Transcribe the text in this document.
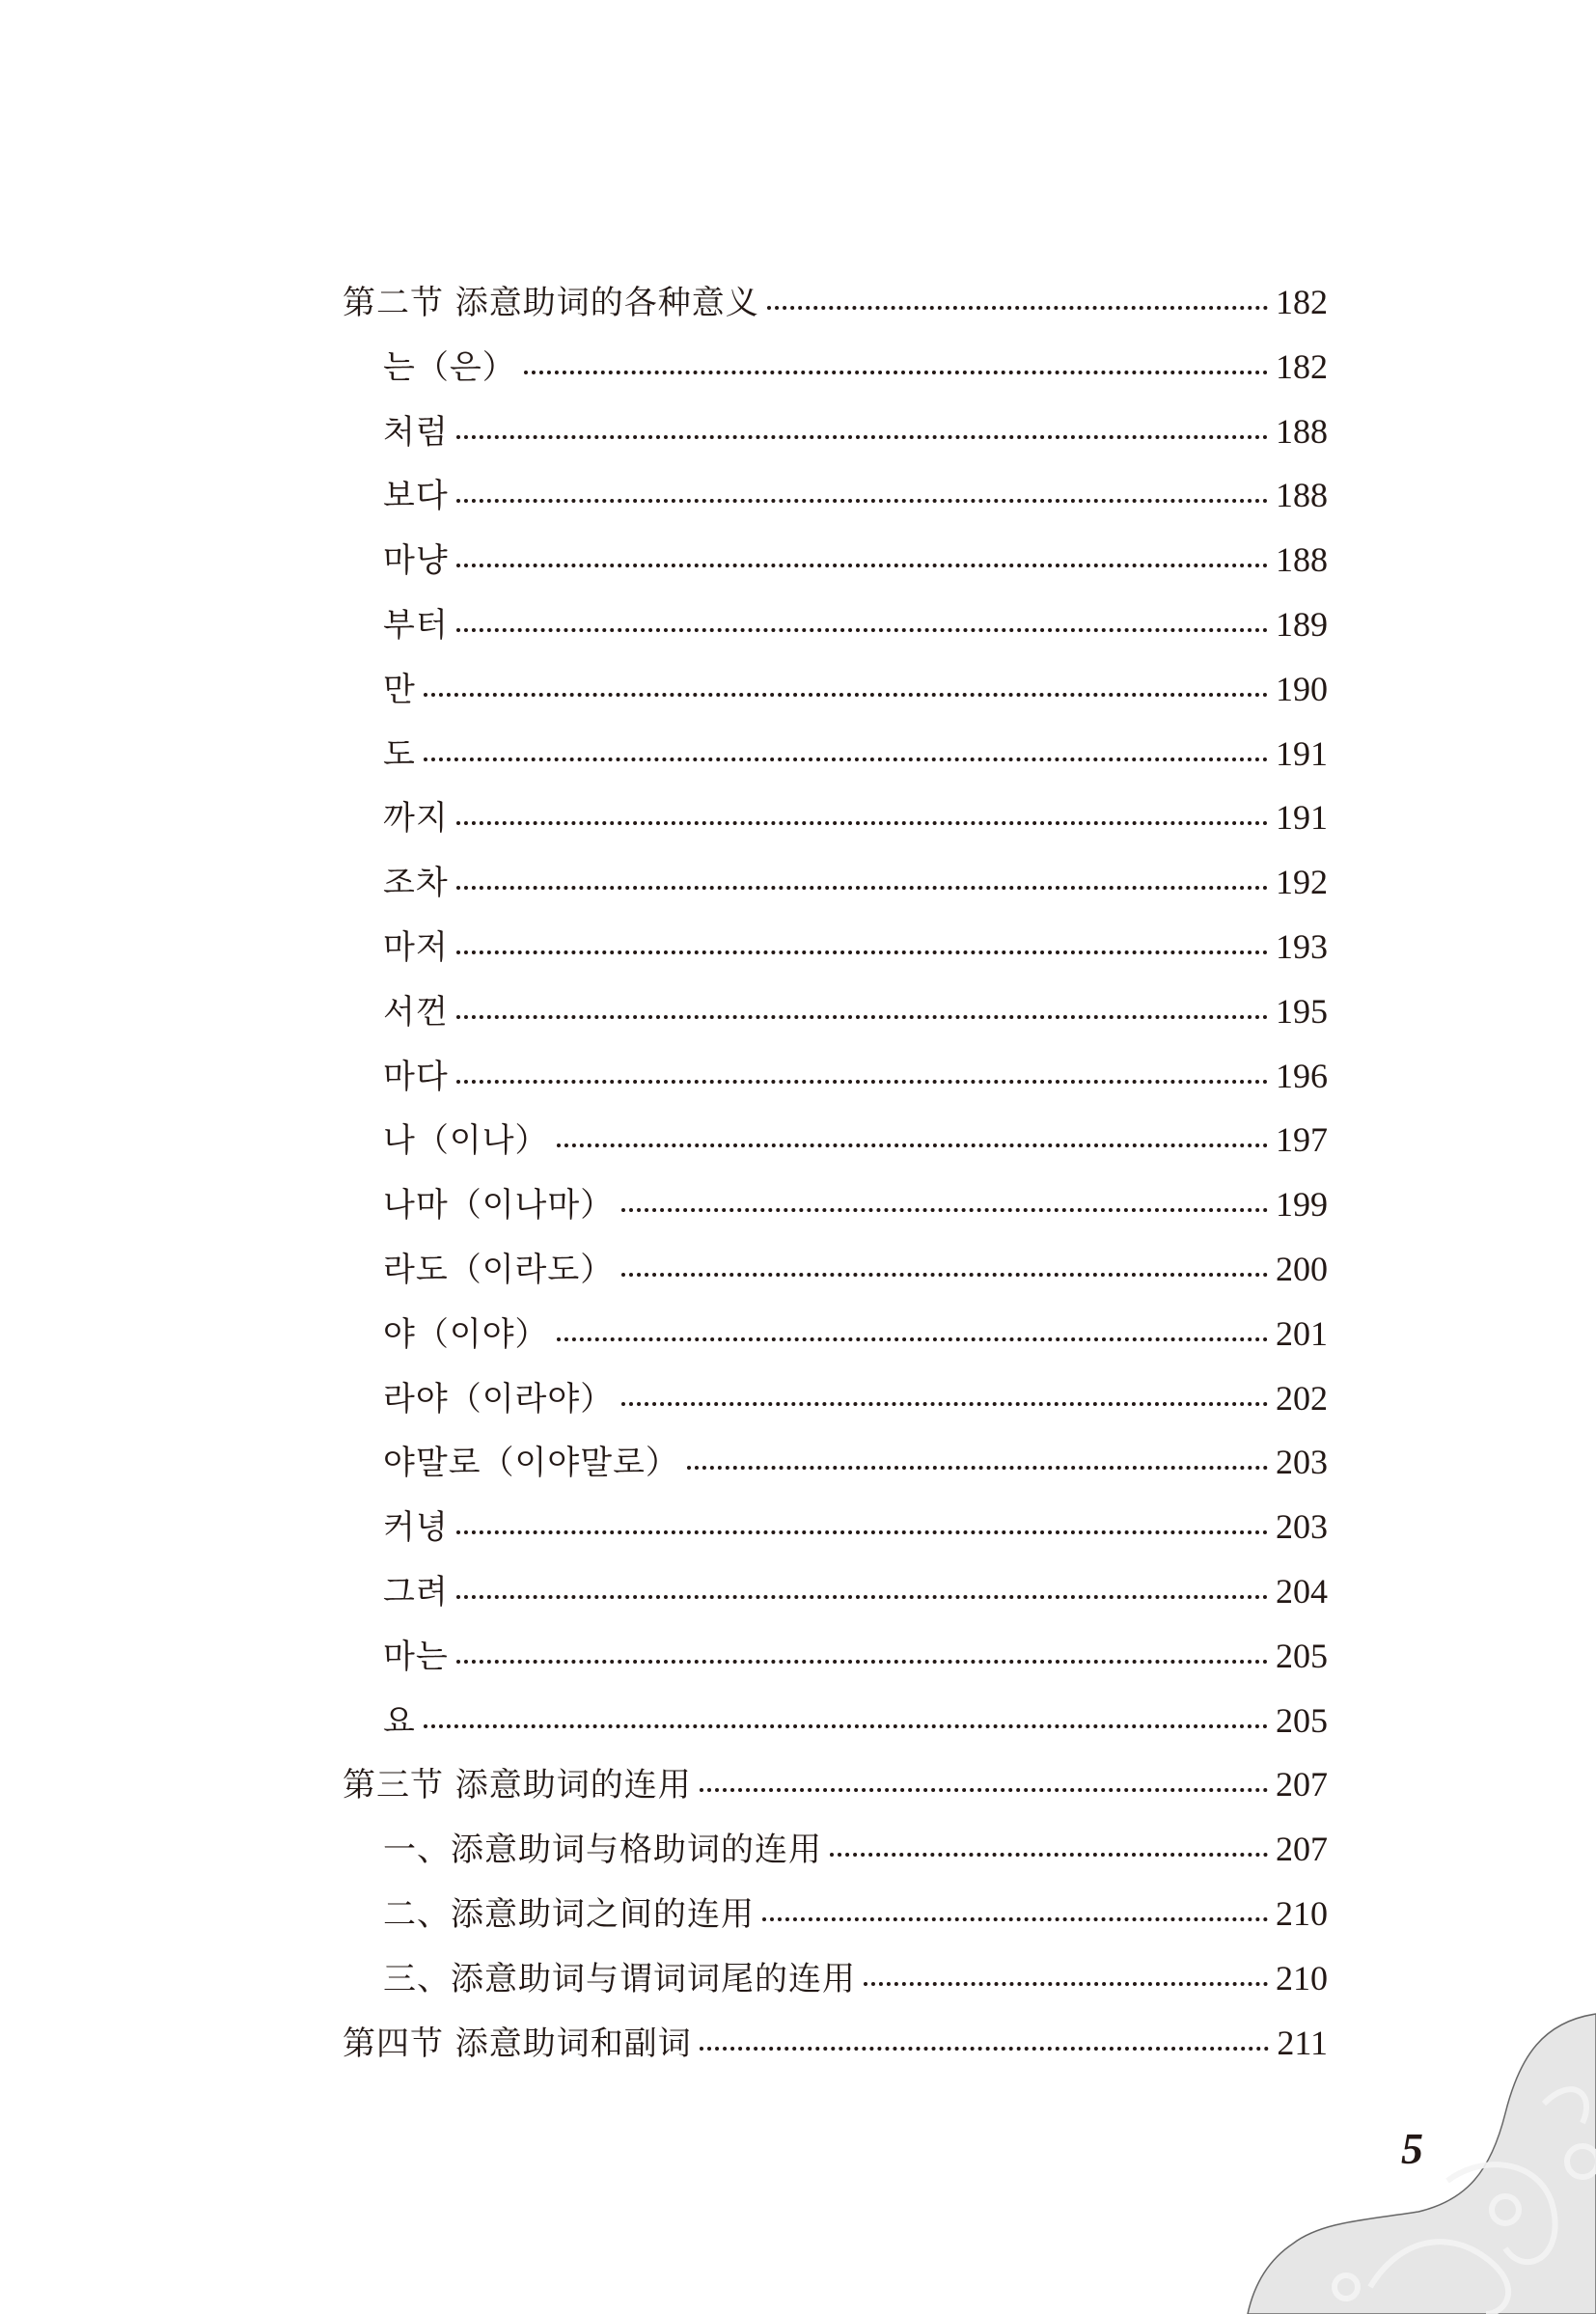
第二节 添意助词的各种意义	182
는（은）	182
처럼	188
보다	188
마냥	188
부터	189
만	190
도	191
까지	191
조차	192
마저	193
서껀	195
마다	196
나（이나）	197
나마（이나마）	199
라도（이라도）	200
야（이야）	201
라야（이라야）	202
야말로（이야말로）	203
커녕	203
그려	204
마는	205
요	205
第三节 添意助词的连用	207
一、添意助词与格助词的连用	207
二、添意助词之间的连用	210
三、添意助词与谓词词尾的连用	210
第四节 添意助词和副词	211
5
